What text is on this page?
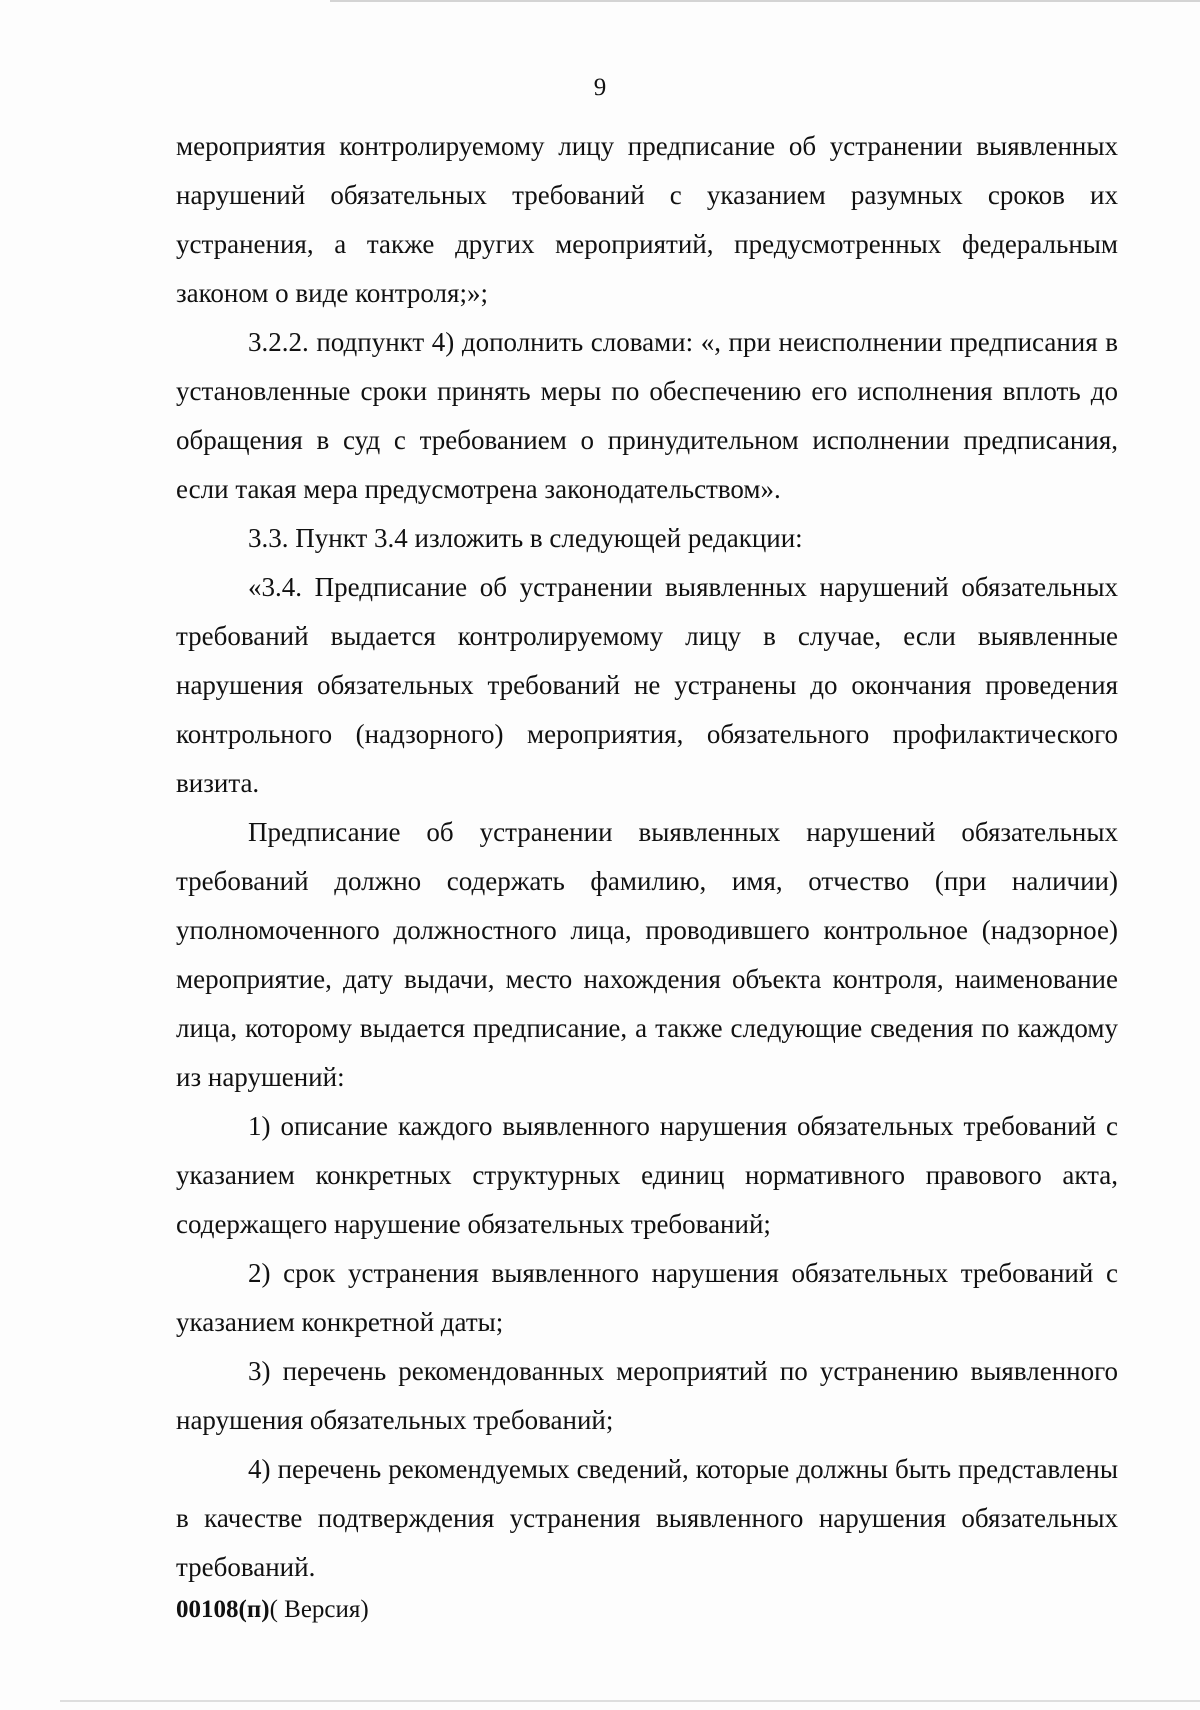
9

мероприятия контролируемому лицу предписание об устранении выявленных нарушений обязательных требований с указанием разумных сроков их устранения, а также других мероприятий, предусмотренных федеральным законом о виде контроля;»;

3.2.2. подпункт 4) дополнить словами: «, при неисполнении предписания в установленные сроки принять меры по обеспечению его исполнения вплоть до обращения в суд с требованием о принудительном исполнении предписания, если такая мера предусмотрена законодательством».

3.3. Пункт 3.4 изложить в следующей редакции:

«3.4. Предписание об устранении выявленных нарушений обязательных требований выдается контролируемому лицу в случае, если выявленные нарушения обязательных требований не устранены до окончания проведения контрольного (надзорного) мероприятия, обязательного профилактического визита.

Предписание об устранении выявленных нарушений обязательных требований должно содержать фамилию, имя, отчество (при наличии) уполномоченного должностного лица, проводившего контрольное (надзорное) мероприятие, дату выдачи, место нахождения объекта контроля, наименование лица, которому выдается предписание, а также следующие сведения по каждому из нарушений:

1) описание каждого выявленного нарушения обязательных требований с указанием конкретных структурных единиц нормативного правового акта, содержащего нарушение обязательных требований;

2) срок устранения выявленного нарушения обязательных требований с указанием конкретной даты;

3) перечень рекомендованных мероприятий по устранению выявленного нарушения обязательных требований;

4) перечень рекомендуемых сведений, которые должны быть представлены в качестве подтверждения устранения выявленного нарушения обязательных требований.

00108(п)( Версия)
